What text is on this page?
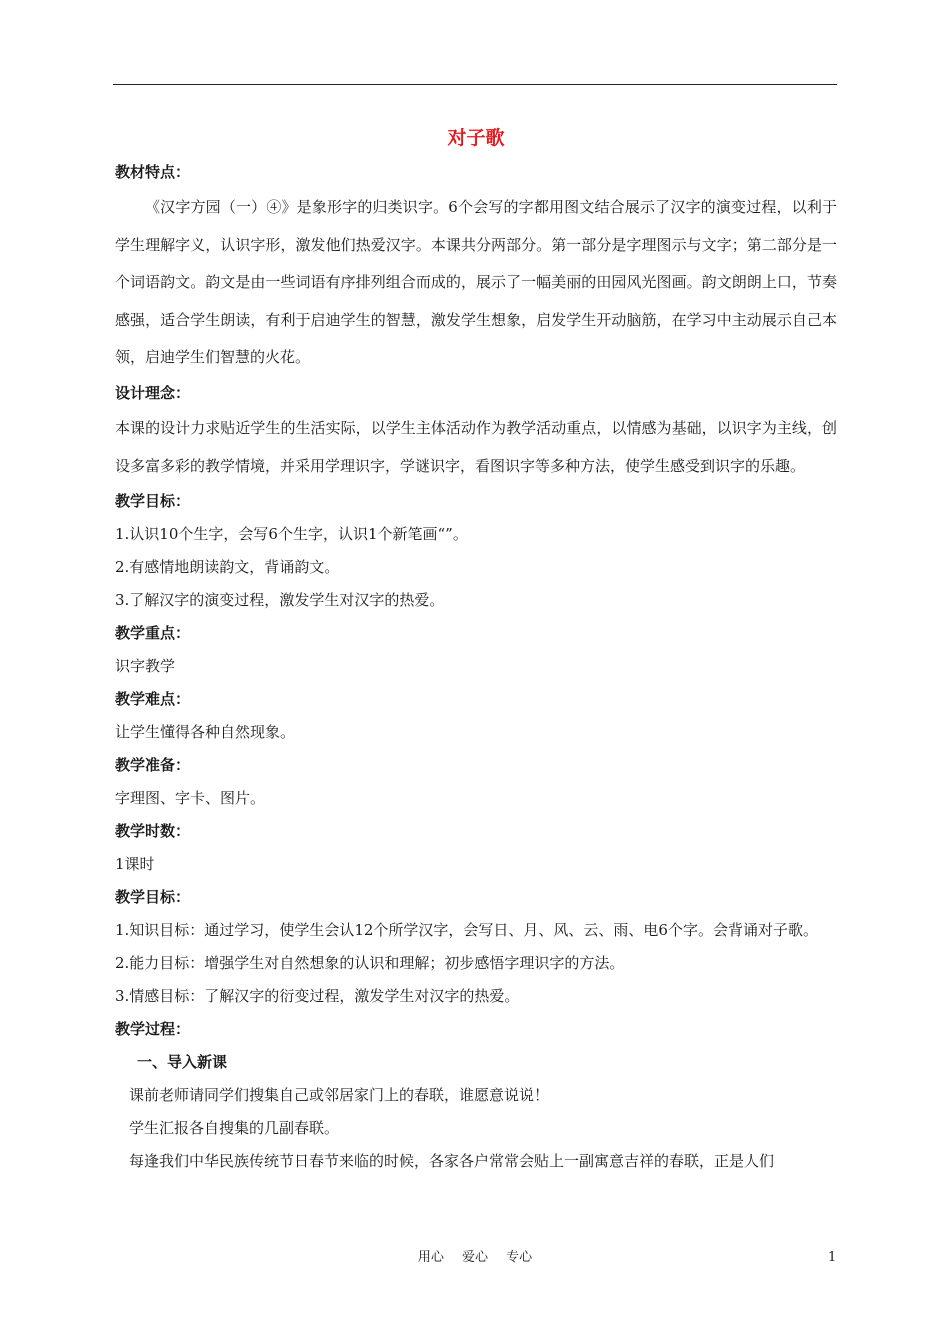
对子歌

教材特点：

《汉字方园（一）④》是象形字的归类识字。6个会写的字都用图文结合展示了汉字的演变过程，以利于学生理解字义，认识字形，激发他们热爱汉字。本课共分两部分。第一部分是字理图示与文字；第二部分是一个词语韵文。韵文是由一些词语有序排列组合而成的，展示了一幅美丽的田园风光图画。韵文朗朗上口，节奏感强，适合学生朗读，有利于启迪学生的智慧，激发学生想象，启发学生开动脑筋，在学习中主动展示自己本领，启迪学生们智慧的火花。

设计理念：

本课的设计力求贴近学生的生活实际，以学生主体活动作为教学活动重点，以情感为基础，以识字为主线，创设多富多彩的教学情境，并采用学理识字，学谜识字，看图识字等多种方法，使学生感受到识字的乐趣。

教学目标：

1.认识10个生字，会写6个生字，认识1个新笔画“”。

2.有感情地朗读韵文，背诵韵文。

3.了解汉字的演变过程，激发学生对汉字的热爱。

教学重点：

识字教学

教学难点：

让学生懂得各种自然现象。

教学准备：

字理图、字卡、图片。

教学时数：

1课时

教学目标：

1.知识目标：通过学习，使学生会认12个所学汉字，会写日、月、风、云、雨、电6个字。会背诵对子歌。

2.能力目标：增强学生对自然想象的认识和理解；初步感悟字理识字的方法。

3.情感目标：了解汉字的衍变过程，激发学生对汉字的热爱。

教学过程：

一、导入新课

课前老师请同学们搜集自己或邻居家门上的春联，谁愿意说说！

学生汇报各自搜集的几副春联。

每逢我们中华民族传统节日春节来临的时候，各家各户常常会贴上一副寓意吉祥的春联，正是人们

用心 爱心 专心	1
